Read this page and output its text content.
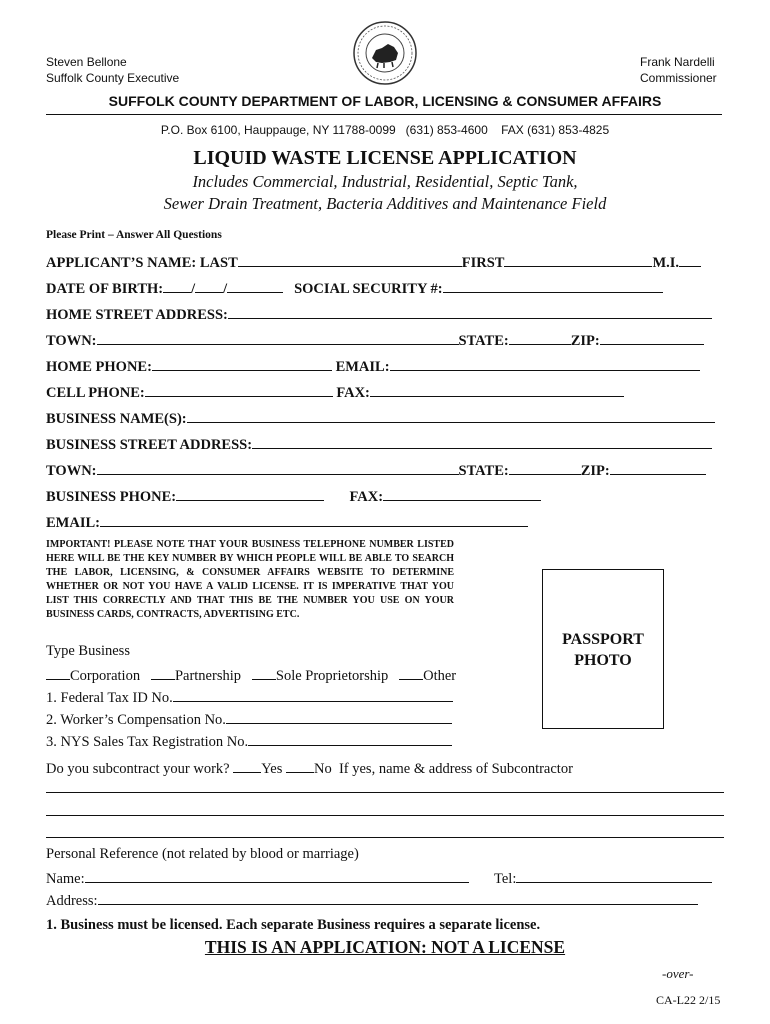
Steven Bellone
Suffolk County Executive
Frank Nardelli
Commissioner
SUFFOLK COUNTY DEPARTMENT OF LABOR, LICENSING & CONSUMER AFFAIRS
P.O. Box 6100, Hauppauge, NY 11788-0099   (631) 853-4600    FAX (631) 853-4825
LIQUID WASTE LICENSE APPLICATION
Includes Commercial, Industrial, Residential, Septic Tank,
Sewer Drain Treatment, Bacteria Additives and Maintenance Field
Please Print – Answer All Questions
APPLICANT’S NAME: LAST	FIRST	M.I.
DATE OF BIRTH: / /	SOCIAL SECURITY #:
HOME STREET ADDRESS:
TOWN:	STATE:	ZIP:
HOME PHONE:	EMAIL:
CELL PHONE:	FAX:
BUSINESS NAME(S):
BUSINESS STREET ADDRESS:
TOWN:	STATE:	ZIP:
BUSINESS PHONE:	FAX:
EMAIL:
IMPORTANT! PLEASE NOTE THAT YOUR BUSINESS TELEPHONE NUMBER LISTED HERE WILL BE THE KEY NUMBER BY WHICH PEOPLE WILL BE ABLE TO SEARCH THE LABOR, LICENSING, & CONSUMER AFFAIRS WEBSITE TO DETERMINE WHETHER OR NOT YOU HAVE A VALID LICENSE. IT IS IMPERATIVE THAT YOU LIST THIS CORRECTLY AND THAT THIS BE THE NUMBER YOU USE ON YOUR BUSINESS CARDS, CONTRACTS, ADVERTISING ETC.
PASSPORT
PHOTO
Type Business
Corporation Partnership Sole Proprietorship Other
1. Federal Tax ID No.
2. Worker’s Compensation No.
3. NYS Sales Tax Registration No.
Do you subcontract your work? Yes No If yes, name & address of Subcontractor
Personal Reference (not related by blood or marriage)
Name:	Tel:
Address:
1. Business must be licensed. Each separate Business requires a separate license.
THIS IS AN APPLICATION: NOT A LICENSE
-over-
CA-L22 2/15
